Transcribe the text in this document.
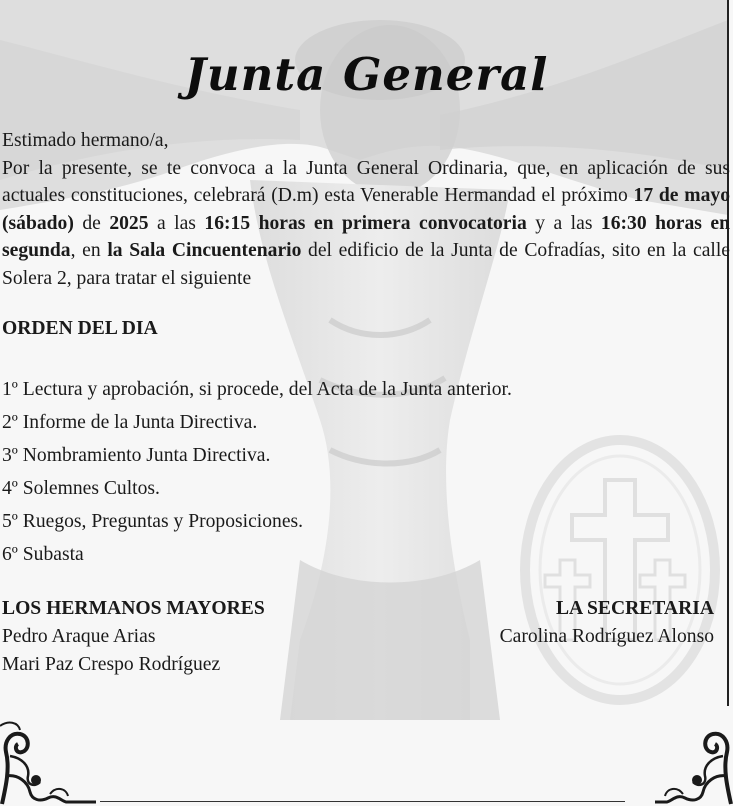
Junta General

Estimado hermano/a,

Por la presente, se te convoca a la Junta General Ordinaria, que, en aplicación de sus actuales constituciones, celebrará (D.m) esta Venerable Hermandad el próximo 17 de mayo (sábado) de 2025 a las 16:15 horas en primera convocatoria y a las 16:30 horas en segunda, en la Sala Cincuentenario del edificio de la Junta de Cofradías, sito en la calle Solera 2, para tratar el siguiente

ORDEN DEL DIA
1º Lectura y aprobación, si procede, del Acta de la Junta anterior.
2º Informe de la Junta Directiva.
3º Nombramiento Junta Directiva.
4º Solemnes Cultos.
5º Ruegos, Preguntas y Proposiciones.
6º Subasta
LOS HERMANOS MAYORES
Pedro Araque Arias
Mari Paz Crespo Rodríguez
LA SECRETARIA
Carolina Rodríguez Alonso
